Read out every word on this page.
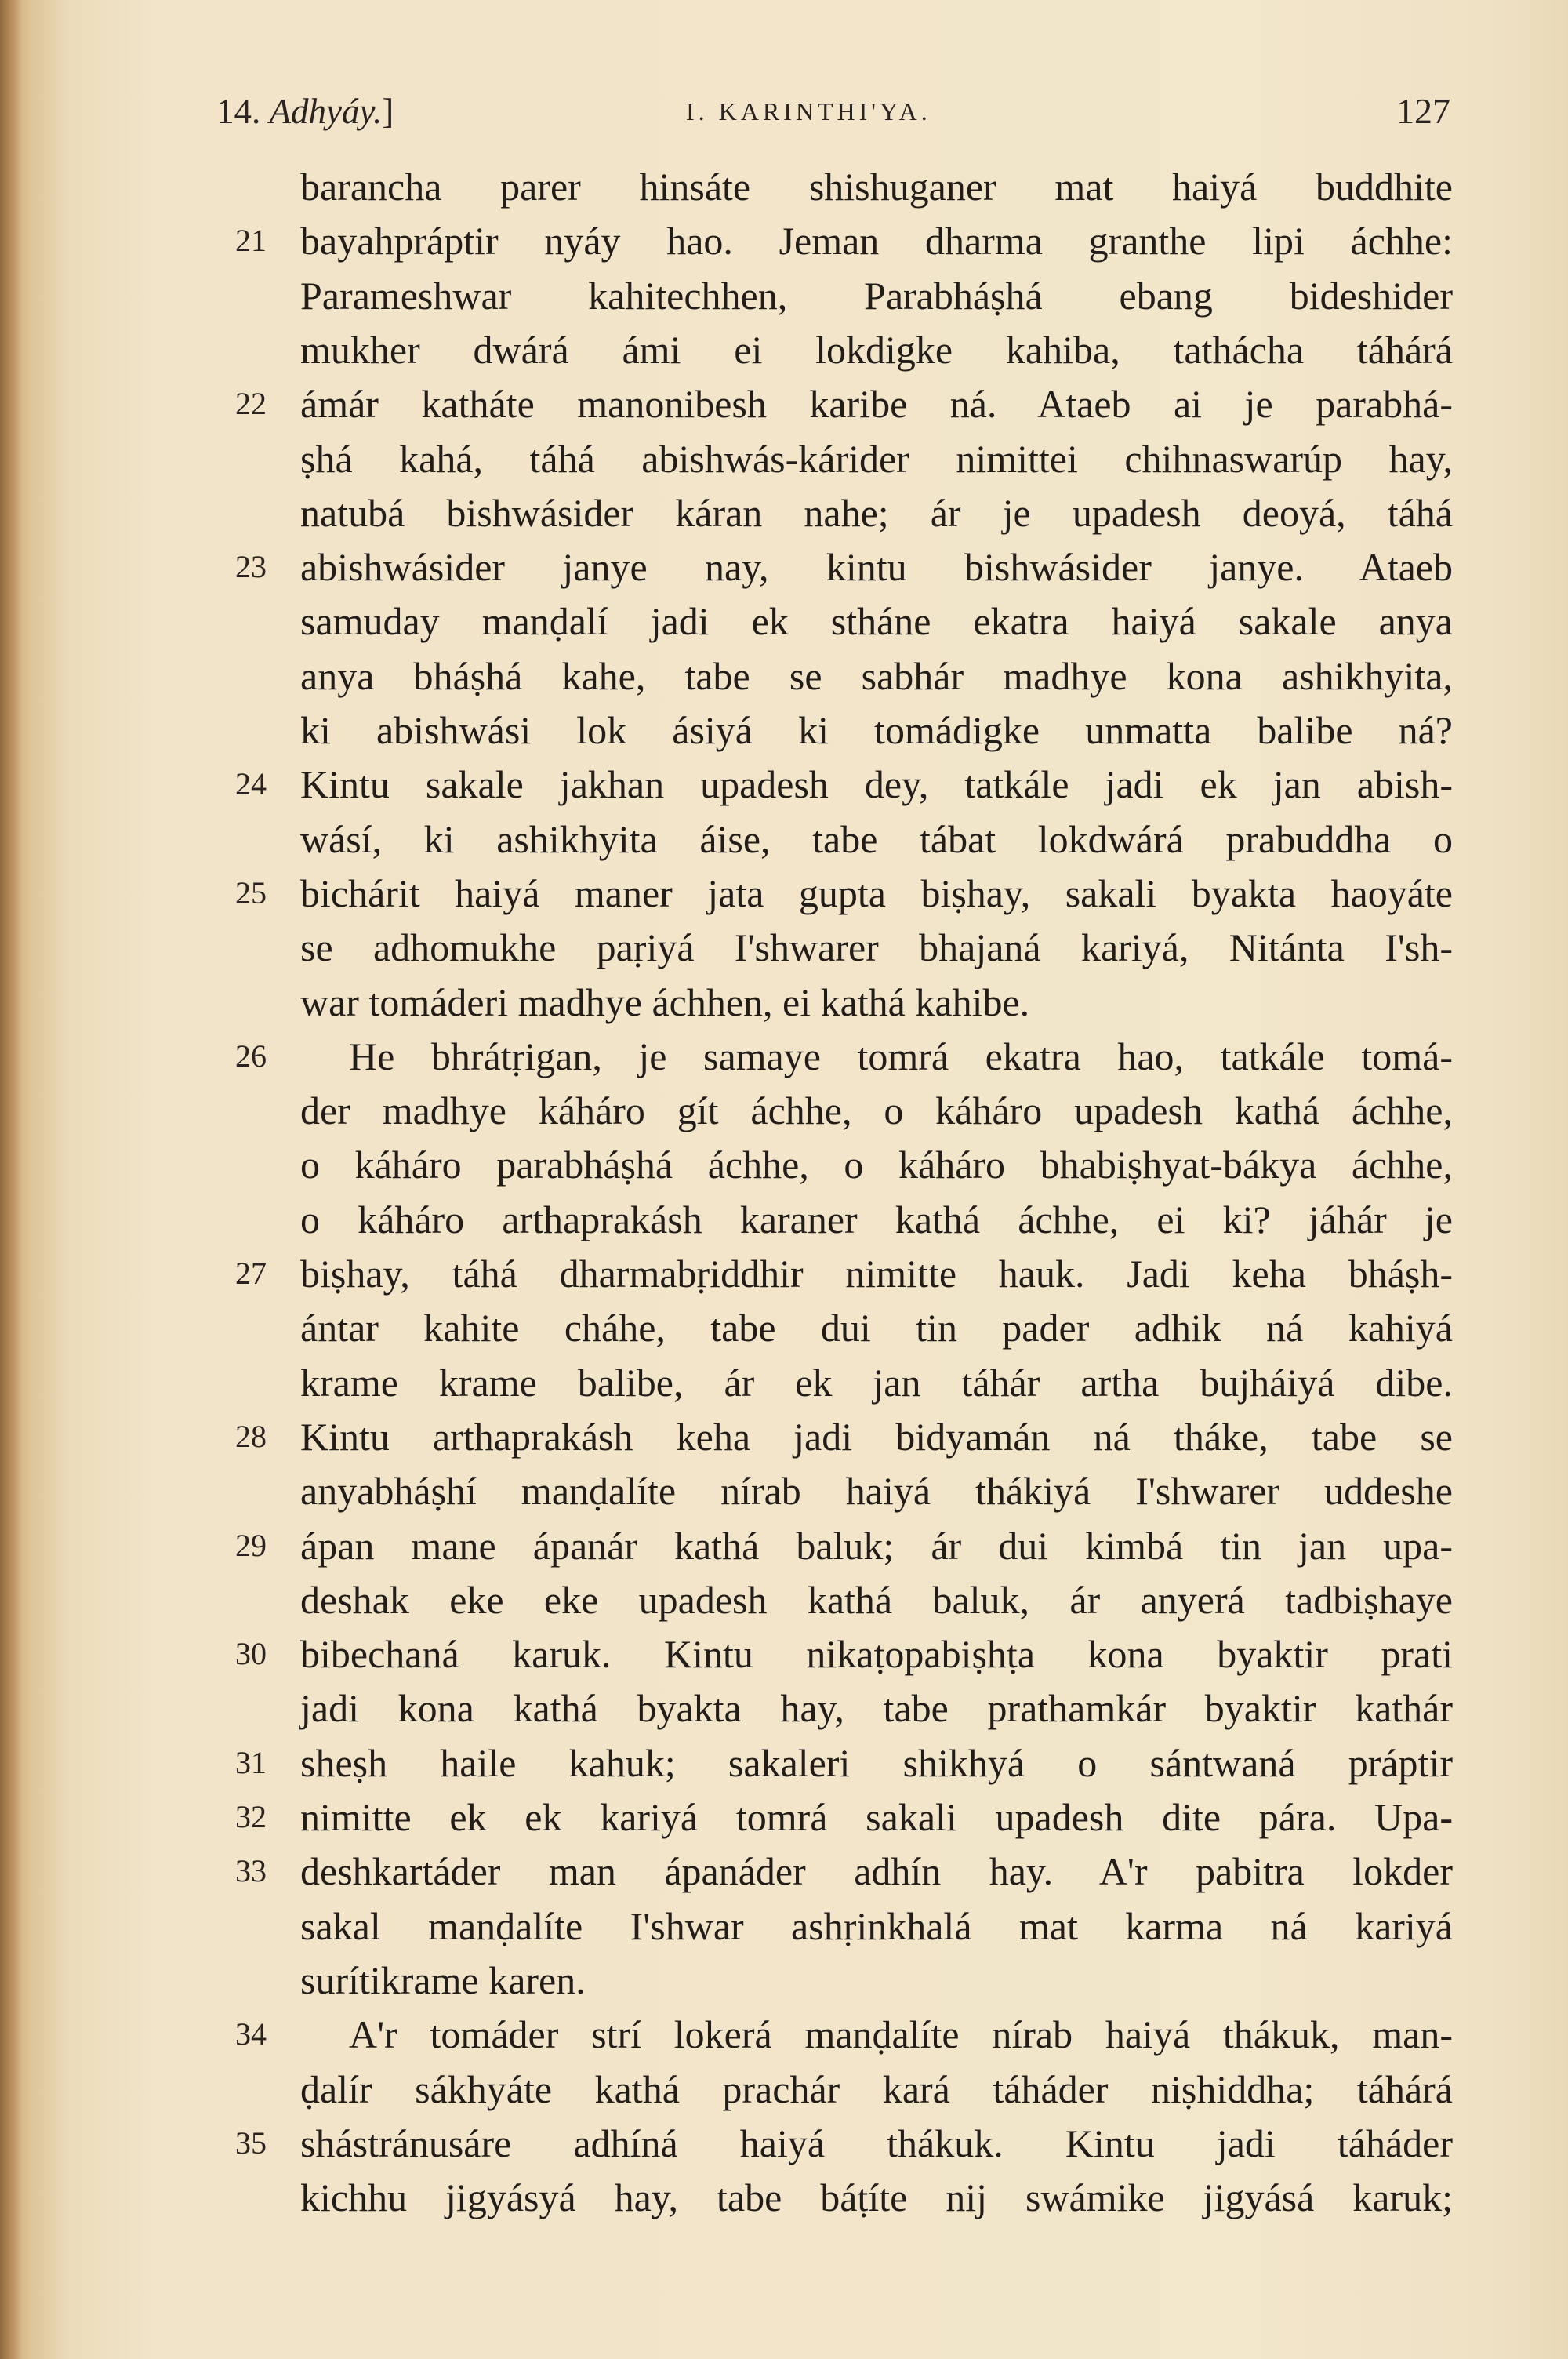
14. Adhyáy.]	I. KARINTHI'YA.	127
barancha parer hinsáte shishuganer mat haiyá buddhite
21 bayahpráptir nyáy hao. Jeman dharma granthe lipi áchhe:
Parameshwar kahitechhen, Parabháṣhá ebang bideshider
mukher dwárá ámi ei lokdigke kahiba, tathácha táhárá
22 ámár katháte manonibesh karibe ná. Ataeb ai je parabhá-
ṣhá kahá, táhá abishwás-kárider nimittei chihnaswarúp hay,
natubá bishwásider káran nahe; ár je upadesh deoyá, táhá
23 abishwásider janye nay, kintu bishwásider janye. Ataeb
samuday manḍalí jadi ek stháne ekatra haiyá sakale anya
anya bháṣhá kahe, tabe se sabhár madhye kona ashikhyita,
ki abishwási lok ásiyá ki tomádigke unmatta balibe ná?
24 Kintu sakale jakhan upadesh dey, tatkále jadi ek jan abish-
wásí, ki ashikhyita áise, tabe tábat lokdwárá prabuddha o
25 bichárit haiyá maner jata gupta biṣhay, sakali byakta haoyáte
se adhomukhe paṛiyá I'shwarer bhajaná kariyá, Nitánta I'sh-
war tomáderi madhye áchhen, ei kathá kahibe.
26	He bhrátṛigan, je samaye tomrá ekatra hao, tatkále tomá-
der madhye káháro gít áchhe, o káháro upadesh kathá áchhe,
o káháro parabháṣhá áchhe, o káháro bhabiṣhyat-bákya áchhe,
o káháro arthaprakásh karaner kathá áchhe, ei ki? jáhár je
27 biṣhay, táhá dharmabṛiddhir nimitte hauk. Jadi keha bháṣh-
ántar kahite cháhe, tabe dui tin pader adhik ná kahiyá
krame krame balibe, ár ek jan táhár artha bujháiyá dibe.
28 Kintu arthaprakásh keha jadi bidyamán ná tháke, tabe se
anyabháṣhí manḍalíte nírab haiyá thákiyá I'shwarer uddeshe
29 ápan mane ápanár kathá baluk; ár dui kimbá tin jan upa-
deshak eke eke upadesh kathá baluk, ár anyerá tadbiṣhaye
30 bibechaná karuk. Kintu nikaṭopabiṣhṭa kona byaktir prati
jadi kona kathá byakta hay, tabe prathamkár byaktir kathár
31 sheṣh haile kahuk; sakaleri shikhyá o sántwaná práptir
32 nimitte ek ek kariyá tomrá sakali upadesh dite pára. Upa-
33 deshkartáder man ápanáder adhín hay. A'r pabitra lokder
sakal manḍalíte I'shwar ashṛinkhalá mat karma ná kariyá
surítikrame karen.
34	A'r tomáder strí lokerá manḍalíte nírab haiyá thákuk, man-
ḍalír sákhyáte kathá prachár kará táháder niṣhiddha; táhárá
35 shástránusáre adhíná haiyá thákuk. Kintu jadi táháder
kichhu jigyásyá hay, tabe báṭíte nij swámike jigyásá karuk;
